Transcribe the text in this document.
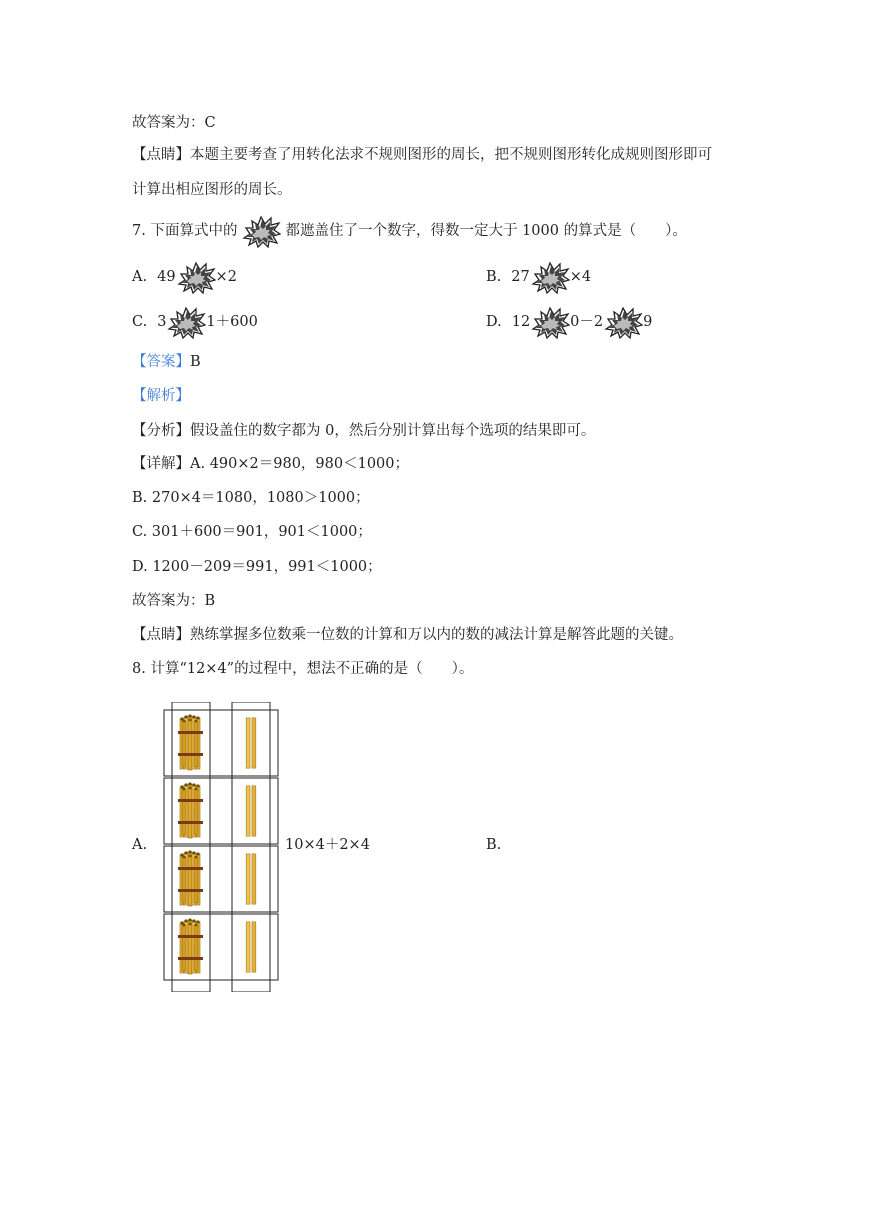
故答案为：C
【点睛】本题主要考查了用转化法求不规则图形的周长，把不规则图形转化成规则图形即可
计算出相应图形的周长。
7. 下面算式中的	都遮盖住了一个数字，得数一定大于 1000 的算式是（　　）。
A. 49	×2	B. 27	×4
C. 3	1＋600	D. 12	0－2	9
【答案】B
【解析】
【分析】假设盖住的数字都为 0，然后分别计算出每个选项的结果即可。
【详解】A. 490×2＝980，980＜1000；
B. 270×4＝1080，1080＞1000；
C. 301＋600＝901，901＜1000；
D. 1200－209＝991，991＜1000；
故答案为：B
【点睛】熟练掌握多位数乘一位数的计算和万以内的数的减法计算是解答此题的关键。
8. 计算“12×4”的过程中，想法不正确的是（　　）。
A.	10×4＋2×4	B.
